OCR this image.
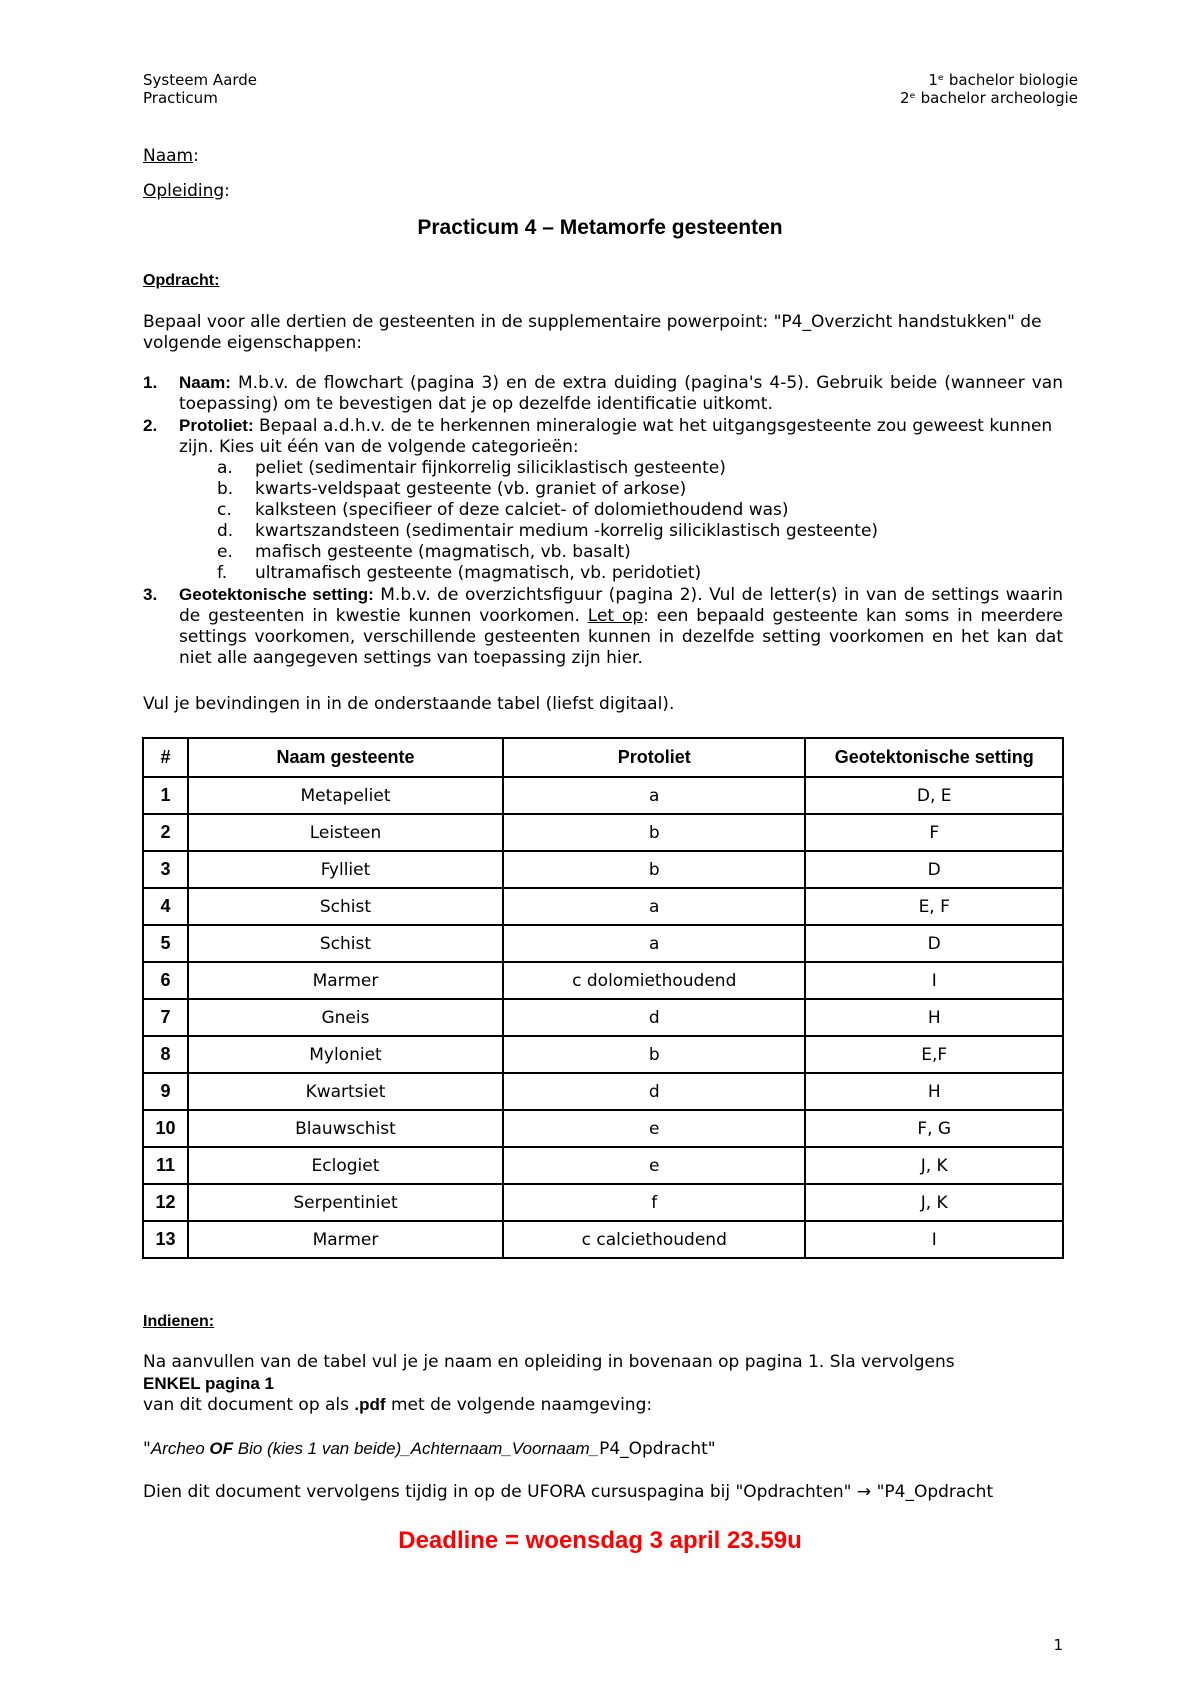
Systeem Aarde
Practicum
1ᵉ bachelor biologie
2ᵉ bachelor archeologie
Naam:
Opleiding:
Practicum 4 – Metamorfe gesteenten
Opdracht:
Bepaal voor alle dertien de gesteenten in de supplementaire powerpoint: "P4_Overzicht handstukken" de volgende eigenschappen:
1. Naam: M.b.v. de flowchart (pagina 3) en de extra duiding (pagina's 4-5). Gebruik beide (wanneer van toepassing) om te bevestigen dat je op dezelfde identificatie uitkomt.
2. Protoliet: Bepaal a.d.h.v. de te herkennen mineralogie wat het uitgangsgesteente zou geweest kunnen zijn. Kies uit één van de volgende categorieën:
a. peliet (sedimentair fijnkorrelig siliciklastisch gesteente)
b. kwarts-veldspaat gesteente (vb. graniet of arkose)
c. kalksteen (specifieer of deze calciet- of dolomiethoudend was)
d. kwartszandsteen (sedimentair medium -korrelig siliciklastisch gesteente)
e. mafisch gesteente (magmatisch, vb. basalt)
f. ultramafisch gesteente (magmatisch, vb. peridotiet)
3. Geotektonische setting: M.b.v. de overzichtsfiguur (pagina 2). Vul de letter(s) in van de settings waarin de gesteenten in kwestie kunnen voorkomen. Let op: een bepaald gesteente kan soms in meerdere settings voorkomen, verschillende gesteenten kunnen in dezelfde setting voorkomen en het kan dat niet alle aangegeven settings van toepassing zijn hier.
Vul je bevindingen in in de onderstaande tabel (liefst digitaal).
#	Naam gesteente	Protoliet	Geotektonische setting
1	Metapeliet	a	D, E
2	Leisteen	b	F
3	Fylliet	b	D
4	Schist	a	E, F
5	Schist	a	D
6	Marmer	c dolomiethoudend	I
7	Gneis	d	H
8	Myloniet	b	E,F
9	Kwartsiet	d	H
10	Blauwschist	e	F, G
11	Eclogiet	e	J, K
12	Serpentiniet	f	J, K
13	Marmer	c calciethoudend	I
Indienen:
Na aanvullen van de tabel vul je je naam en opleiding in bovenaan op pagina 1. Sla vervolgens
ENKEL pagina 1
van dit document op als .pdf met de volgende naamgeving:
"Archeo OF Bio (kies 1 van beide)_Achternaam_Voornaam_P4_Opdracht"
Dien dit document vervolgens tijdig in op de UFORA cursuspagina bij "Opdrachten" → "P4_Opdracht
Deadline = woensdag 3 april 23.59u
1
